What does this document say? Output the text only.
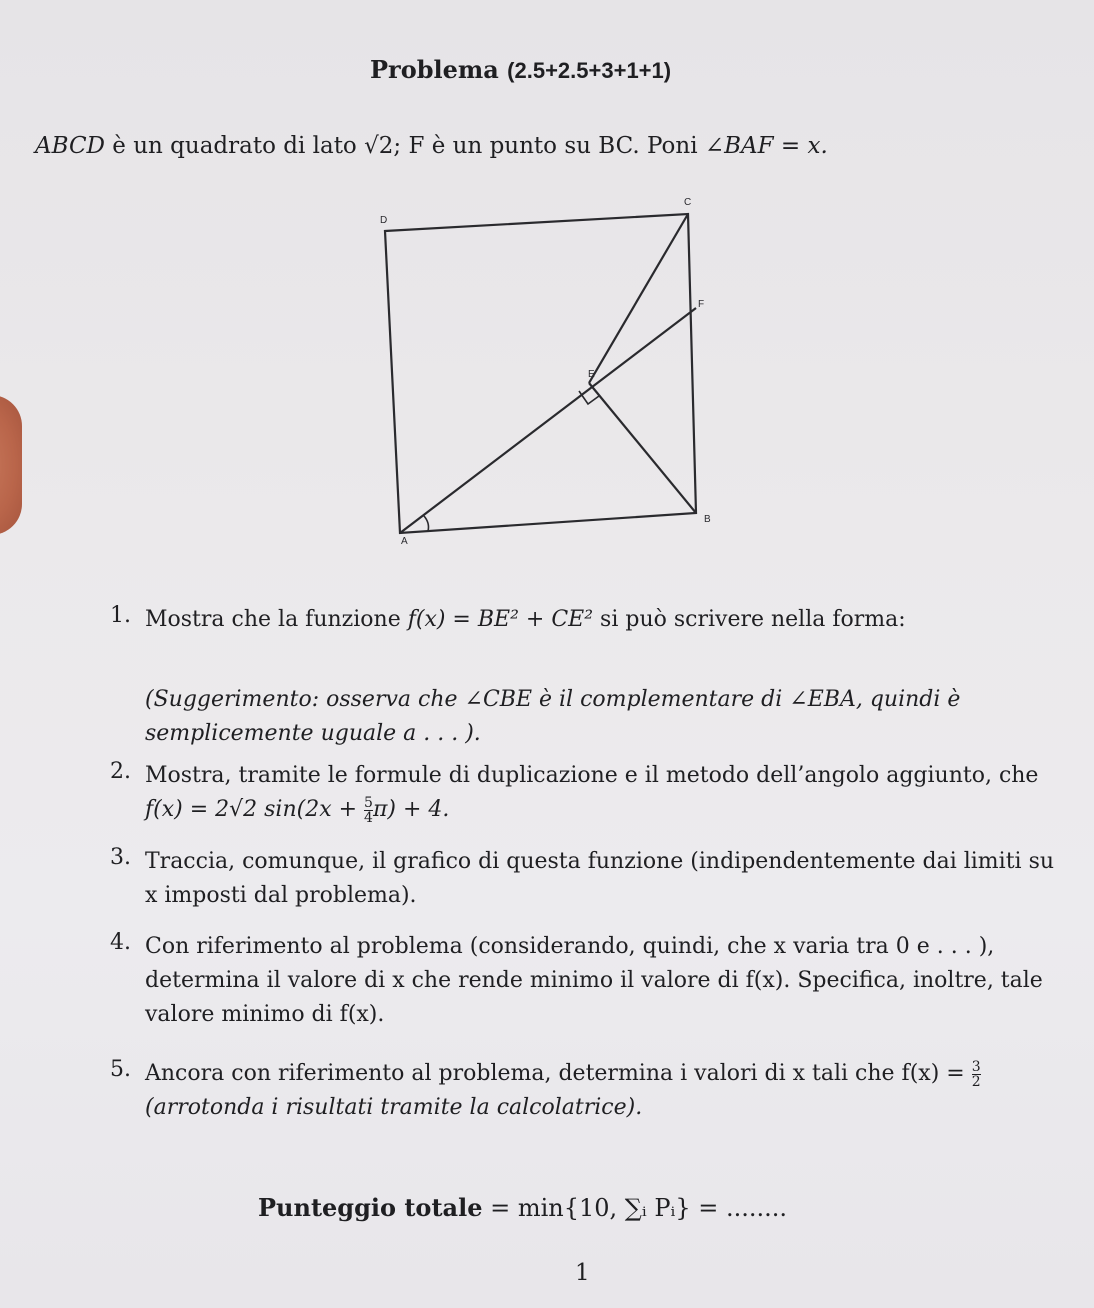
Problema (2.5+2.5+3+1+1)
ABCD è un quadrato di lato √2; F è un punto su BC. Poni ∠BAF = x.
D
C
F
E
B
A
1. Mostra che la funzione f(x) = BE² + CE² si può scrivere nella forma:
(Suggerimento: osserva che ∠CBE è il complementare di ∠EBA, quindi è semplicemente uguale a . . . ).
2. Mostra, tramite le formule di duplicazione e il metodo dell’angolo aggiunto, che
f(x) = 2√2 $\sin(2x + \frac{5}{4} \pi) + 4$.
3. Traccia, comunque, il grafico di questa funzione (indipendentemente dai limiti su x imposti dal problema).
4. Con riferimento al problema (considerando, quindi, che x varia tra 0 e . . . ), determina il valore di x che rende minimo il valore di f(x). Specifica, inoltre, tale valore minimo di f(x).
5. Ancora con riferimento al problema, determina i valori di x tali che $f(x) = \frac{3}{2}$
(arrotonda i risultati tramite la calcolatrice).
Punteggio totale = min{10, ∑ᵢ Pᵢ} = ........
1
